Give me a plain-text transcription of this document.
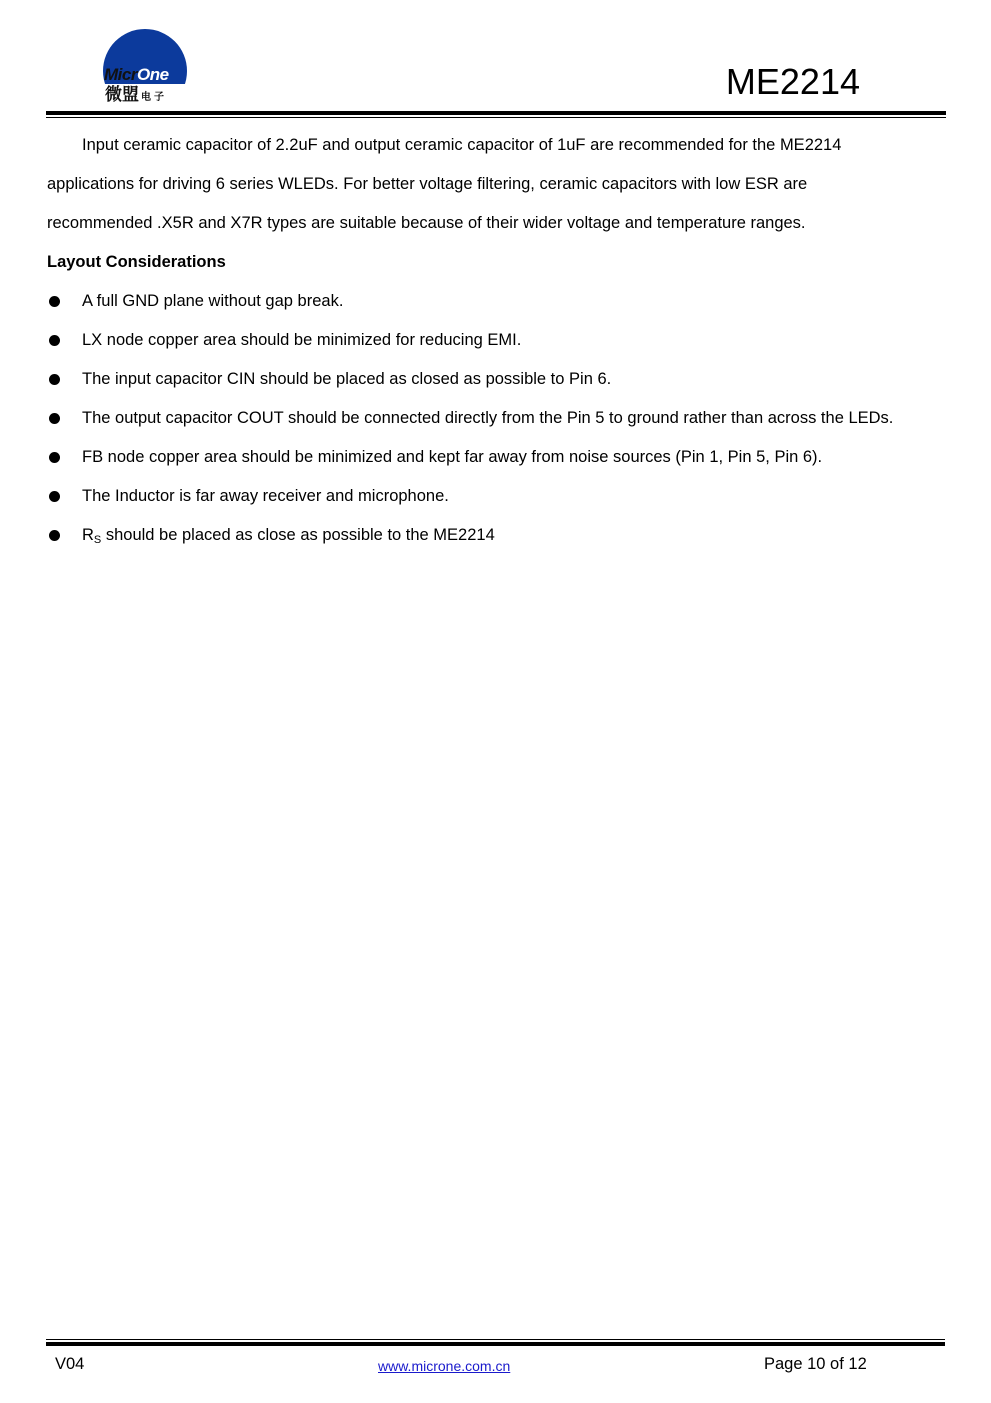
MicrOne
微盟 电子	ME2214

Input ceramic capacitor of 2.2uF and output ceramic capacitor of 1uF are recommended for the ME2214

applications for driving 6 series WLEDs. For better voltage filtering, ceramic capacitors with low ESR are

recommended .X5R and X7R types are suitable because of their wider voltage and temperature ranges.

Layout Considerations

A full GND plane without gap break.
LX node copper area should be minimized for reducing EMI.
The input capacitor CIN should be placed as closed as possible to Pin 6.
The output capacitor COUT should be connected directly from the Pin 5 to ground rather than across the LEDs.
FB node copper area should be minimized and kept far away from noise sources (Pin 1, Pin 5, Pin 6).
The Inductor is far away receiver and microphone.
$R_S$ should be placed as close as possible to the ME2214
V04	www.microne.com.cn	Page 10 of 12
